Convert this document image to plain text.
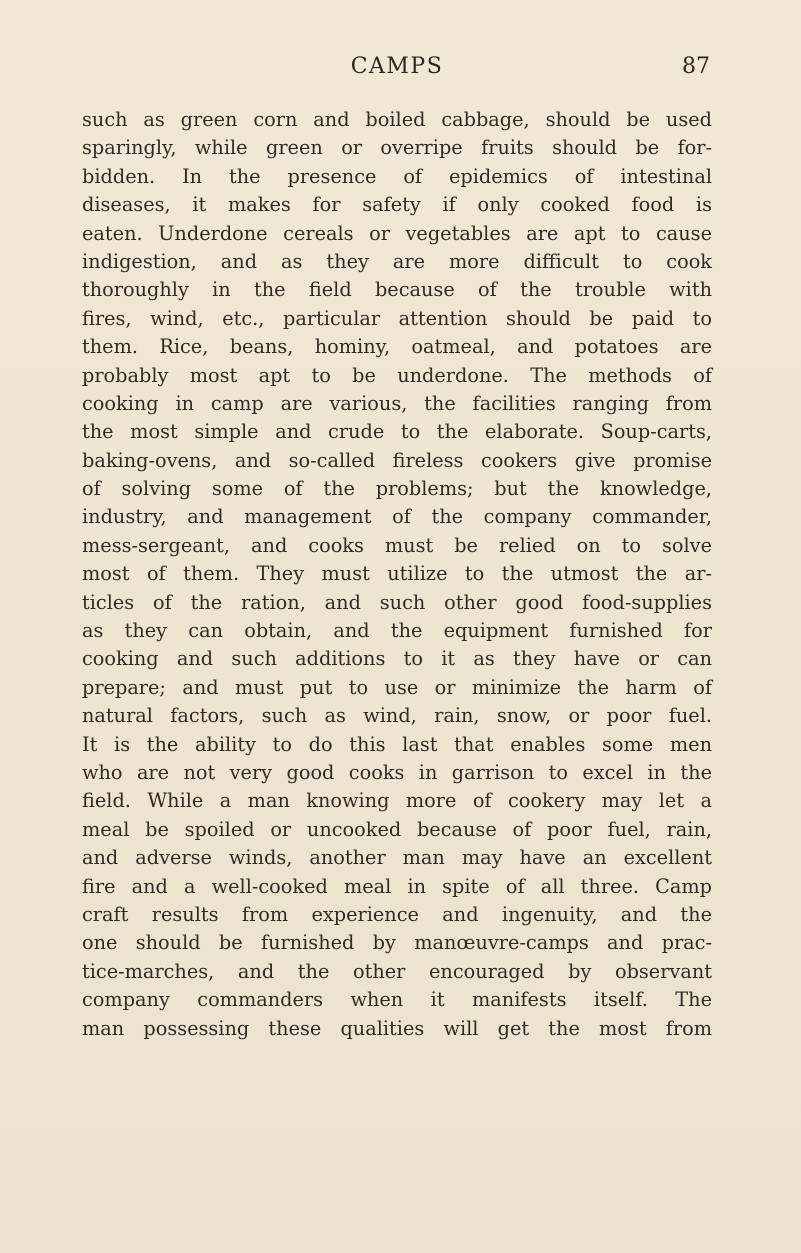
CAMPS	87
such as green corn and boiled cabbage, should be used
sparingly, while green or overripe fruits should be for-
bidden. In the presence of epidemics of intestinal
diseases, it makes for safety if only cooked food is
eaten. Underdone cereals or vegetables are apt to cause
indigestion, and as they are more difficult to cook
thoroughly in the field because of the trouble with
fires, wind, etc., particular attention should be paid to
them. Rice, beans, hominy, oatmeal, and potatoes are
probably most apt to be underdone. The methods of
cooking in camp are various, the facilities ranging from
the most simple and crude to the elaborate. Soup-carts,
baking-ovens, and so-called fireless cookers give promise
of solving some of the problems; but the knowledge,
industry, and management of the company commander,
mess-sergeant, and cooks must be relied on to solve
most of them. They must utilize to the utmost the ar-
ticles of the ration, and such other good food-supplies
as they can obtain, and the equipment furnished for
cooking and such additions to it as they have or can
prepare; and must put to use or minimize the harm of
natural factors, such as wind, rain, snow, or poor fuel.
It is the ability to do this last that enables some men
who are not very good cooks in garrison to excel in the
field. While a man knowing more of cookery may let a
meal be spoiled or uncooked because of poor fuel, rain,
and adverse winds, another man may have an excellent
fire and a well-cooked meal in spite of all three. Camp
craft results from experience and ingenuity, and the
one should be furnished by manœuvre-camps and prac-
tice-marches, and the other encouraged by observant
company commanders when it manifests itself. The
man possessing these qualities will get the most from
